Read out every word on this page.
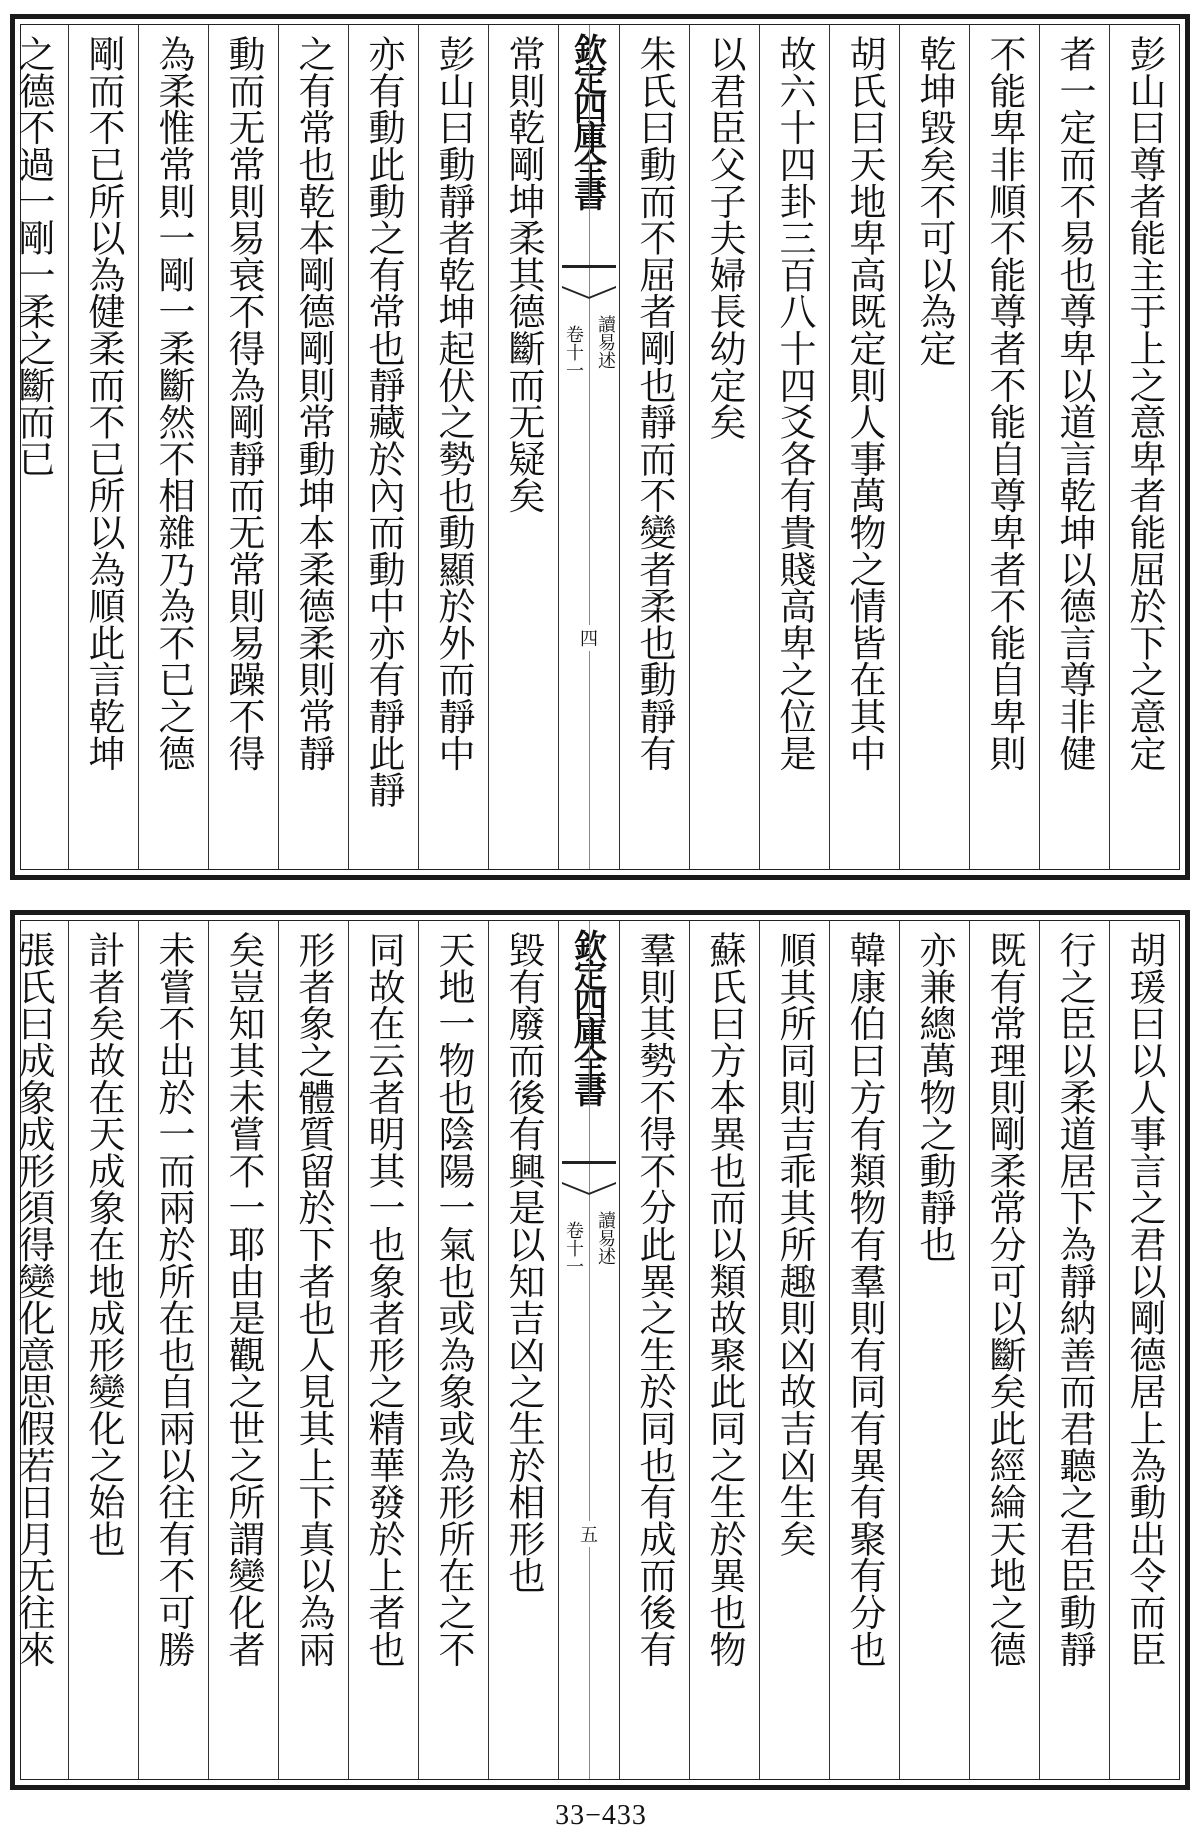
彭山曰尊者能主于上之意卑者能屈於下之意定
者一定而不易也尊卑以道言乾坤以德言尊非健
不能卑非順不能尊者不能自尊卑者不能自卑則
乾坤毀矣不可以為定
胡氏曰天地卑高既定則人事萬物之情皆在其中
故六十四卦三百八十四爻各有貴賤高卑之位是
以君臣父子夫婦長幼定矣
朱氏曰動而不屈者剛也靜而不變者柔也動靜有
欽定四庫全書
讀易述
卷十一
四
常則乾剛坤柔其德斷而无疑矣
彭山曰動靜者乾坤起伏之勢也動顯於外而靜中
亦有動此動之有常也靜藏於內而動中亦有靜此靜
之有常也乾本剛德剛則常動坤本柔德柔則常靜
動而无常則易衰不得為剛靜而无常則易躁不得
為柔惟常則一剛一柔斷然不相雜乃為不已之德
剛而不已所以為健柔而不已所以為順此言乾坤
之德不過一剛一柔之斷而已
胡瑗曰以人事言之君以剛德居上為動出令而臣
行之臣以柔道居下為靜納善而君聽之君臣動靜
既有常理則剛柔常分可以斷矣此經綸天地之德
亦兼總萬物之動靜也
韓康伯曰方有類物有羣則有同有異有聚有分也
順其所同則吉乖其所趣則凶故吉凶生矣
蘇氏曰方本異也而以類故聚此同之生於異也物
羣則其勢不得不分此異之生於同也有成而後有
欽定四庫全書
讀易述
卷十一
五
毀有廢而後有興是以知吉凶之生於相形也
天地一物也陰陽一氣也或為象或為形所在之不
同故在云者明其一也象者形之精華發於上者也
形者象之體質留於下者也人見其上下真以為兩
矣豈知其未嘗不一耶由是觀之世之所謂變化者
未嘗不出於一而兩於所在也自兩以往有不可勝
計者矣故在天成象在地成形變化之始也
張氏曰成象成形須得變化意思假若日月无往來
33−433
